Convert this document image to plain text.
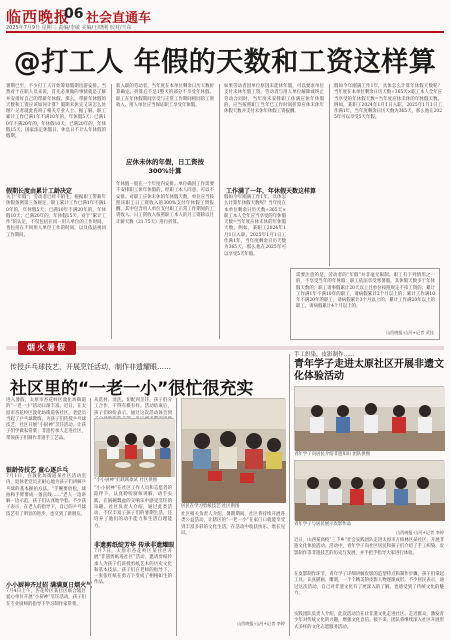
临西晚报
06 社会直通车
2025年7月9日 星期三 责编/李敏 美编/王晓刚 校对/王东
@打工人 年假的天数和工资这样算
暑期已至，不少打工人开始筹划假期出游安排。当然对于在职人员来说，首先必须做的事情就是了解并安排好自己的带薪年休假。那么，带薪年休假的天数和工资应该如何计算？假期未休完又该怎么处理？记者就此咨询了相关专业人士。据了解，职工累计工作已满1年不满10年的，年休假5天；已满10年不满20年的，年休假10天；已满20年的，年休假15天。国家法定休假日、休息日不计入年休假的假期。
假期长度由累计工龄决定
关于“年假”，劳动者已经不陌生。根据职工带薪年休假条例第三条规定，职工累计工作已满1年不满10年的，年休假5天；已满10年不满20年的，年休假10天；已满20年的，年休假15天。对于“累计工作”的认定，不仅包括在同一用人单位的工作时间，也包括在不同用人单位工作的时间，以及依法视同工作期间。
新入职的劳动者，当年度在本单位剩余日历天数折算确定。折算后不足1整天的部分不享受年休假。职工在年休假期间享受与正常工作期间相同的工资收入，用人单位应当保证职工享受年休假。
应休未休的年假，日工资按300%计算
年休假一般在一个年度内安排。单位确因工作需要不安排职工休年休假的，经职工本人同意，可以不安排。对职工应休未休的年休假天数，单位应当按照该职工日工资收入的300%支付年休假工资报酬，其中包含用人单位支付职工正常工作期间的工资收入。日工资收入按照职工本人的月工资除以月计薪天数（21.75天）进行折算。
如果劳动者因单位原因未能休年假，可以要求单位支付未休年假工资。劳动者与用人单位解除或终止劳动合同时，当年度未安排职工休满应休年休假的，应当按照职工当年已工作时间折算应休未休年休假天数并支付未休年休假工资报酬。
工作满了一年，年休假天数这样算
假如今年刚满工作1年，具体怎么计算年休假天数呢？当年度在本单位剩余日历天数÷365天×职工本人全年应当享受的年休假天数=当年度应休未休的年休假天数。例如，某职工2024年1月1日入职，2025年1月1日工作满1年，当年度剩余日历天数为365天，那么他在2025年可以享受5天年假。
假如今年刚满工作1年，具体怎么计算年休假天数呢？当年度在本单位剩余日历天数÷365天×职工本人全年应当享受的年休假天数=当年度应休未休的年休假天数。例如，某职工2024年1月1日入职，2025年1月1日工作满1年，当年度剩余日历天数为365天，那么他在2025年可以享受5天年假。
需要注意的是，劳动者的“年假”并非毫无限制。职工有下列情形之一的，不享受当年的年休假：职工依法享受寒暑假，其休假天数多于年休假天数的；职工请事假累计20天以上且单位按照规定不扣工资的；累计工作满1年不满10年的职工，请病假累计2个月以上的；累计工作满10年不满20年的职工，请病假累计3个月以上的；累计工作满20年以上的职工，请病假累计4个月以上的。
山西晚报·山河+记者 武佳
烟火暑假
传授乒乓球技艺，开展烹饪活动，制作非遗耀眼……
社区里的“一老一小”很忙很充实
进入暑假，太原市杏花岭区敦化坊街道的“一老一小”活动日渐丰富。近日，在太原市杏花岭区敦化坊街道各社区，老党员当起了乒乓球教练，为孩子们传授乒乓球技艺；社区开展“小厨神”烹饪活动，让孩子们学做家常菜；非遗传承人走进社区，带领孩子们制作非遗手工艺品。
银龄传技艺 童心逐乒乓
7月1日，在敦化坊街道某社区活动室内，退休老党员正耐心地为孩子们讲解乒乓球的基本握拍方法。“手腕要放松，球拍和手臂要成一条直线……”老人一边讲解一边示范，孩子们认真地学着。不少孩子表示，在老人的指导下，自己的乒乓球技艺有了明显的进步，也交到了新朋友。
小小厨神齐过招 满满夏日烟火气
7月4日上午，杏花岭区某社区联合辖区爱心单位开展“小厨神”烹饪活动，孩子们在专业厨师的指导下学习制作家常菜。
从选材、清洗、切配到烹饪，孩子们分工合作，干得有模有样。活动结束后，孩子们纷纷表示，通过这次活动体会到
“小小厨神”们跃跃欲试 社区供图
“小小厨神”在社区工作人员和志愿者的陪伴下，认真聆听厨师讲解，动手实践，在锅碗瓢盆的交响乐中感受烹饪的乐趣。社区负责人介绍，通过此类活动，不仅丰富了孩子们的暑期生活，还培养了他们的动手能力和生活自理能力。
非遗剪纸绽芳华 传承非遗耀眼
7月7日，太原市杏花岭区某社区开展“非遗剪纸进社区”活动，邀请剪纸传承人为孩子们讲授剪纸艺术的历史文化和基本技法。孩子们在老师的指导下，一张张红纸在剪刀下变成了栩栩如生的作品。
居民在学习剪纸技艺 社区供图
社区相关负责人介绍，暑期期间，社区将持续开展各类公益活动，让辖区的“一老一小”在家门口就能享受到丰富多彩的文化生活，在活动中收获快乐、增长见识。
山西晚报·山河+记者 李婷
手工织染、皮影制作……
青年学子走进太原社区开展非遗文化体验活动
青年学子向居民介绍非遗知识 团队供图
青年学子与居民展示皮影作品
山西晚报·山河+记者 李婷
近日，山西某高校“三下乡”社会实践团队走进太原市万柏林区某社区，开展非遗文化体验活动。活动中，青年学子向社区居民和孩子们介绍了手工织染、皮影制作等非遗技艺的历史与发展，并手把手指导大家进行体验。
在皮影制作环节，青年学子详细讲解皮影的造型特点和制作步骤，孩子们拿起工具，认真描画、雕刻，一个个精美的皮影人物逐渐成形。不少居民表示，通过这次活动，自己对非遗文化有了更深入的了解，也感受到了传统文化的魅力。
实践团队负责人介绍，此次活动旨在让非遗文化走进社区、走近群众，激发青少年对传统文化的兴趣，增强文化自信。接下来，团队将继续深入社区开展形式多样的文化志愿服务活动。
